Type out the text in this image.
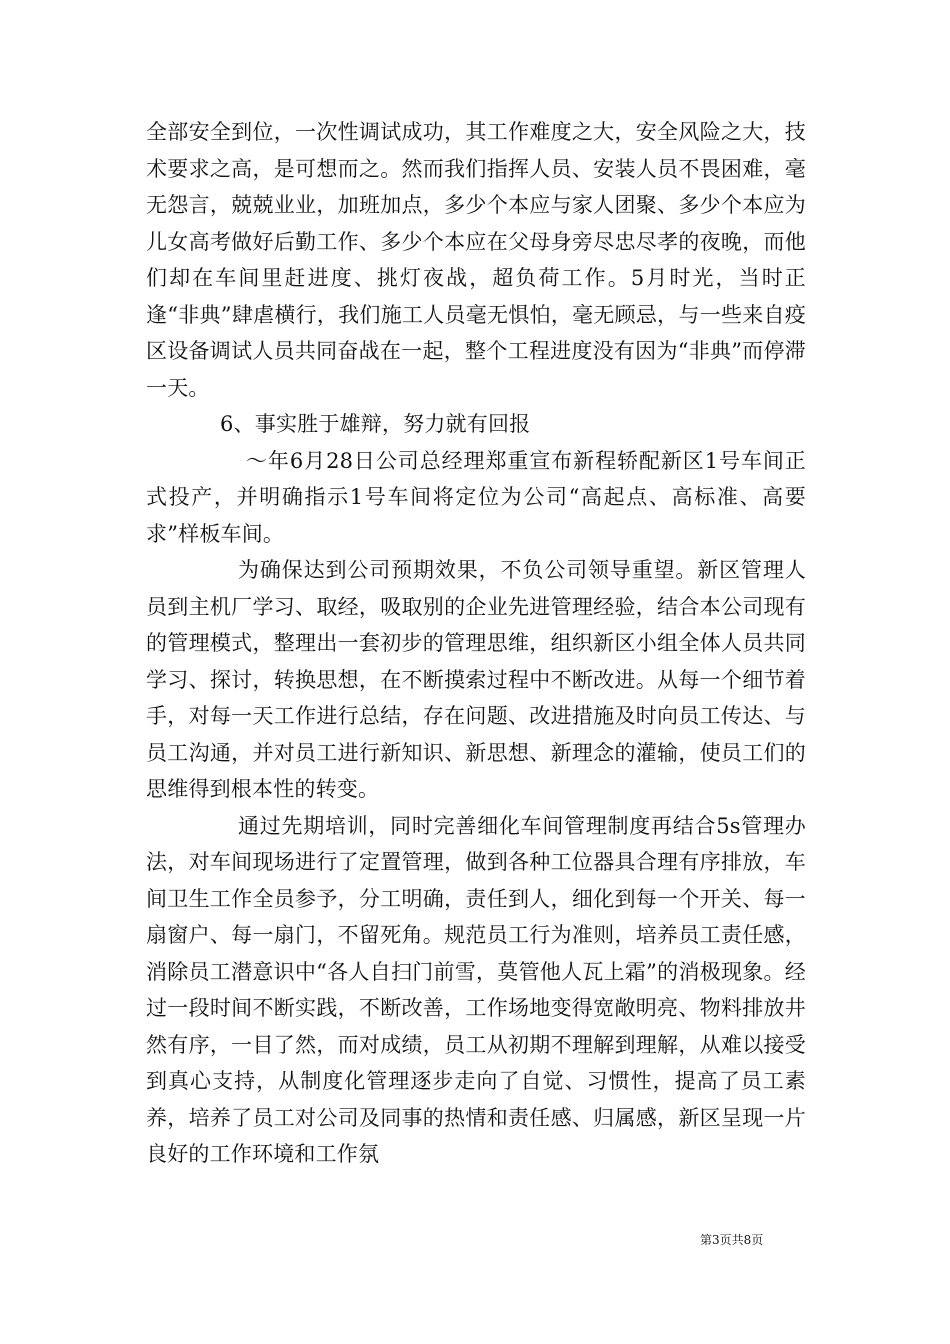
全部安全到位，一次性调试成功，其工作难度之大，安全风险之大，技术要求之高，是可想而之。然而我们指挥人员、安装人员不畏困难，毫无怨言，兢兢业业，加班加点，多少个本应与家人团聚、多少个本应为儿女高考做好后勤工作、多少个本应在父母身旁尽忠尽孝的夜晚，而他们却在车间里赶进度、挑灯夜战，超负荷工作。5月时光，当时正逢“非典”肆虐横行，我们施工人员毫无惧怕，毫无顾忌，与一些来自疫区设备调试人员共同奋战在一起，整个工程进度没有因为“非典”而停滞一天。

6、事实胜于雄辩，努力就有回报

～年6月28日公司总经理郑重宣布新程轿配新区1号车间正式投产，并明确指示1号车间将定位为公司“高起点、高标准、高要求”样板车间。

为确保达到公司预期效果，不负公司领导重望。新区管理人员到主机厂学习、取经，吸取别的企业先进管理经验，结合本公司现有的管理模式，整理出一套初步的管理思维，组织新区小组全体人员共同学习、探讨，转换思想，在不断摸索过程中不断改进。从每一个细节着手，对每一天工作进行总结，存在问题、改进措施及时向员工传达、与员工沟通，并对员工进行新知识、新思想、新理念的灌输，使员工们的思维得到根本性的转变。

通过先期培训，同时完善细化车间管理制度再结合5s管理办法，对车间现场进行了定置管理，做到各种工位器具合理有序排放，车间卫生工作全员参予，分工明确，责任到人，细化到每一个开关、每一扇窗户、每一扇门，不留死角。规范员工行为准则，培养员工责任感，消除员工潜意识中“各人自扫门前雪，莫管他人瓦上霜”的消极现象。经过一段时间不断实践，不断改善，工作场地变得宽敞明亮、物料排放井然有序，一目了然，而对成绩，员工从初期不理解到理解，从难以接受到真心支持，从制度化管理逐步走向了自觉、习惯性，提高了员工素养，培养了员工对公司及同事的热情和责任感、归属感，新区呈现一片良好的工作环境和工作氛

第3页共8页
